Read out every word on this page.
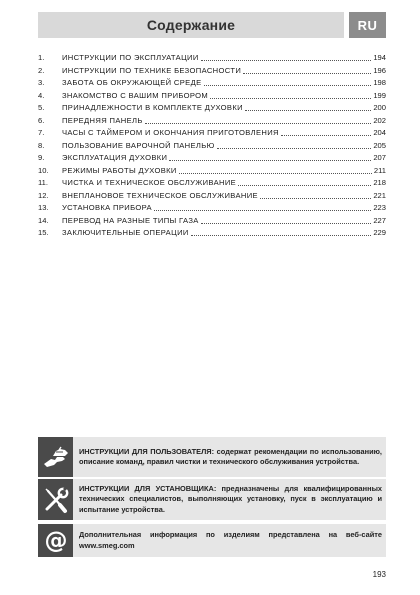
Содержание	RU
1.	ИНСТРУКЦИИ ПО ЭКСПЛУАТАЦИИ	194
2.	ИНСТРУКЦИИ ПО ТЕХНИКЕ БЕЗОПАСНОСТИ	196
3.	ЗАБОТА ОБ ОКРУЖАЮЩЕЙ СРЕДЕ	198
4.	ЗНАКОМСТВО С ВАШИМ ПРИБОРОМ	199
5.	ПРИНАДЛЕЖНОСТИ В КОМПЛЕКТЕ ДУХОВКИ	200
6.	ПЕРЕДНЯЯ ПАНЕЛЬ	202
7.	ЧАСЫ С ТАЙМЕРОМ И ОКОНЧАНИЯ ПРИГОТОВЛЕНИЯ	204
8.	ПОЛЬЗОВАНИЕ ВАРОЧНОЙ ПАНЕЛЬЮ	205
9.	ЭКСПЛУАТАЦИЯ ДУХОВКИ	207
10.	РЕЖИМЫ РАБОТЫ ДУХОВКИ	211
11.	ЧИСТКА И ТЕХНИЧЕСКОЕ ОБСЛУЖИВАНИЕ	218
12.	ВНЕПЛАНОВОЕ ТЕХНИЧЕСКОЕ ОБСЛУЖИВАНИЕ	221
13.	УСТАНОВКА ПРИБОРА	223
14.	ПЕРЕВОД НА РАЗНЫЕ ТИПЫ ГАЗА	227
15.	ЗАКЛЮЧИТЕЛЬНЫЕ ОПЕРАЦИИ	229
ИНСТРУКЦИИ ДЛЯ ПОЛЬЗОВАТЕЛЯ: содержат рекомендации по использованию, описание команд, правил чистки и технического обслуживания устройства.
ИНСТРУКЦИИ ДЛЯ УСТАНОВЩИКА: предназначены для квалифицированных технических специалистов, выполняющих установку, пуск в эксплуатацию и испытание устройства.
@	Дополнительная информация по изделиям представлена на веб-сайте www.smeg.com
193
